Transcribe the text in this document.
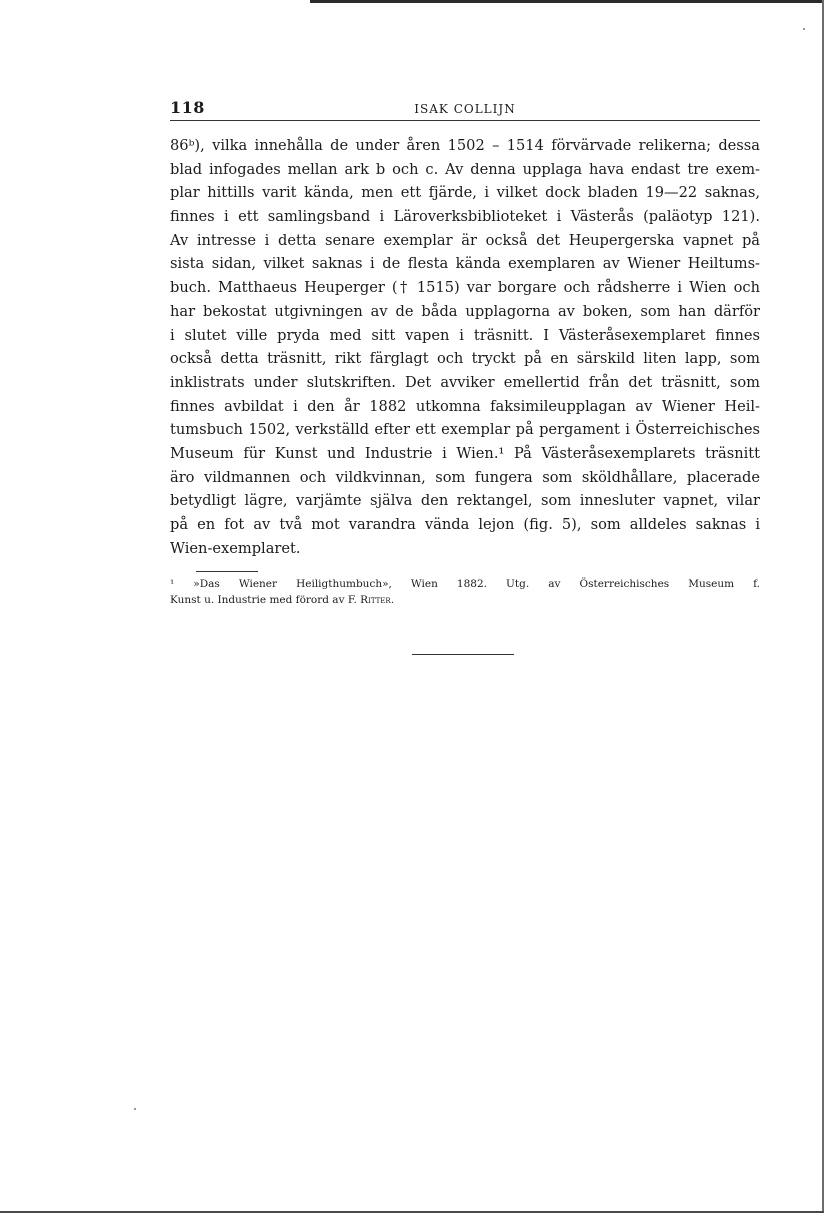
118	ISAK COLLIJN
86ᵇ), vilka innehålla de under åren 1502 – 1514 förvärvade relikerna; dessa
blad infogades mellan ark b och c. Av denna upplaga hava endast tre exem-
plar hittills varit kända, men ett fjärde, i vilket dock bladen 19—22 saknas,
finnes i ett samlingsband i Läroverksbiblioteket i Västerås (paläotyp 121).
Av intresse i detta senare exemplar är också det Heupergerska vapnet på
sista sidan, vilket saknas i de flesta kända exemplaren av Wiener Heiltums-
buch. Matthaeus Heuperger († 1515) var borgare och rådsherre i Wien och
har bekostat utgivningen av de båda upplagorna av boken, som han därför
i slutet ville pryda med sitt vapen i träsnitt. I Västeråsexemplaret finnes
också detta träsnitt, rikt färglagt och tryckt på en särskild liten lapp, som
inklistrats under slutskriften. Det avviker emellertid från det träsnitt, som
finnes avbildat i den år 1882 utkomna faksimileupplagan av Wiener Heil-
tumsbuch 1502, verkställd efter ett exemplar på pergament i Österreichisches
Museum für Kunst und Industrie i Wien.¹ På Västeråsexemplarets träsnitt
äro vildmannen och vildkvinnan, som fungera som sköldhållare, placerade
betydligt lägre, varjämte själva den rektangel, som innesluter vapnet, vilar
på en fot av två mot varandra vända lejon (fig. 5), som alldeles saknas i
Wien-exemplaret.
¹ »Das Wiener Heiligthumbuch», Wien 1882. Utg. av Österreichisches Museum f.
Kunst u. Industrie med förord av F. Ritter.
